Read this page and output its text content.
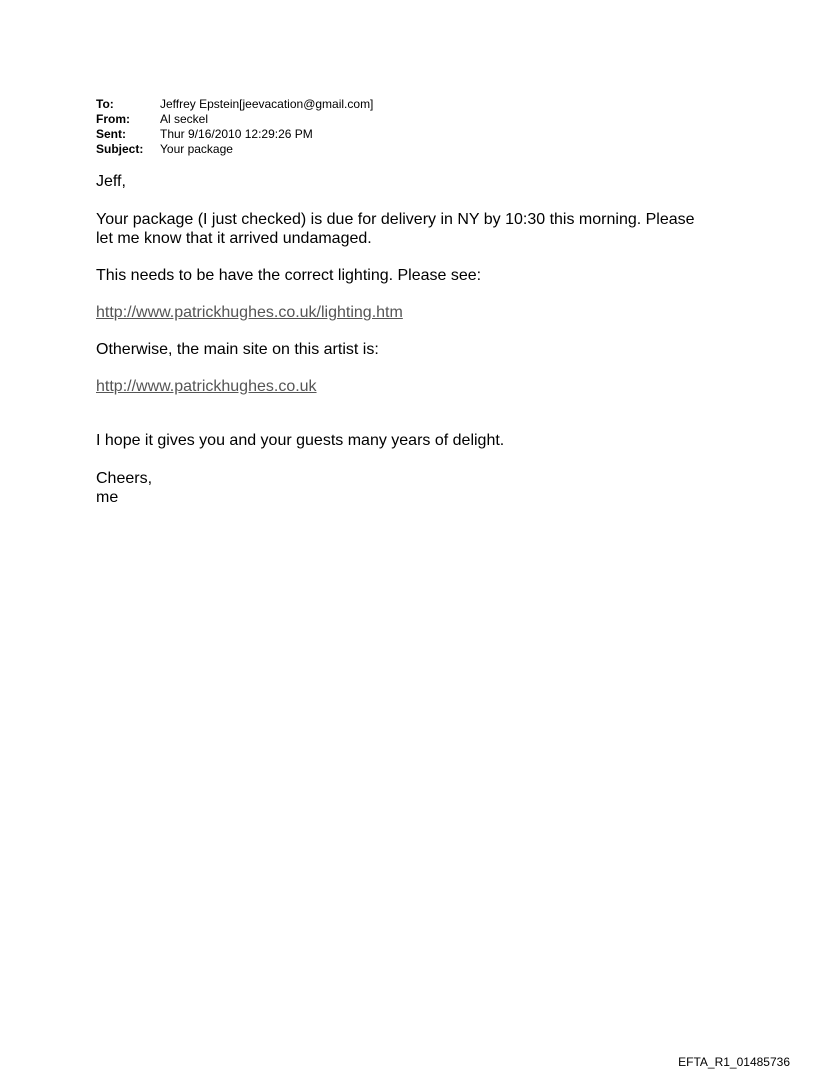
To:	Jeffrey Epstein[jeevacation@gmail.com]
From:	Al seckel
Sent:	Thur 9/16/2010 12:29:26 PM
Subject:	Your package
Jeff,
Your package (I just checked) is due for delivery in NY by 10:30 this morning. Please
let me know that it arrived undamaged.
This needs to be have the correct lighting. Please see:
http://www.patrickhughes.co.uk/lighting.htm
Otherwise, the main site on this artist is:
http://www.patrickhughes.co.uk
I hope it gives you and your guests many years of delight.
Cheers,
me
EFTA_R1_01485736
